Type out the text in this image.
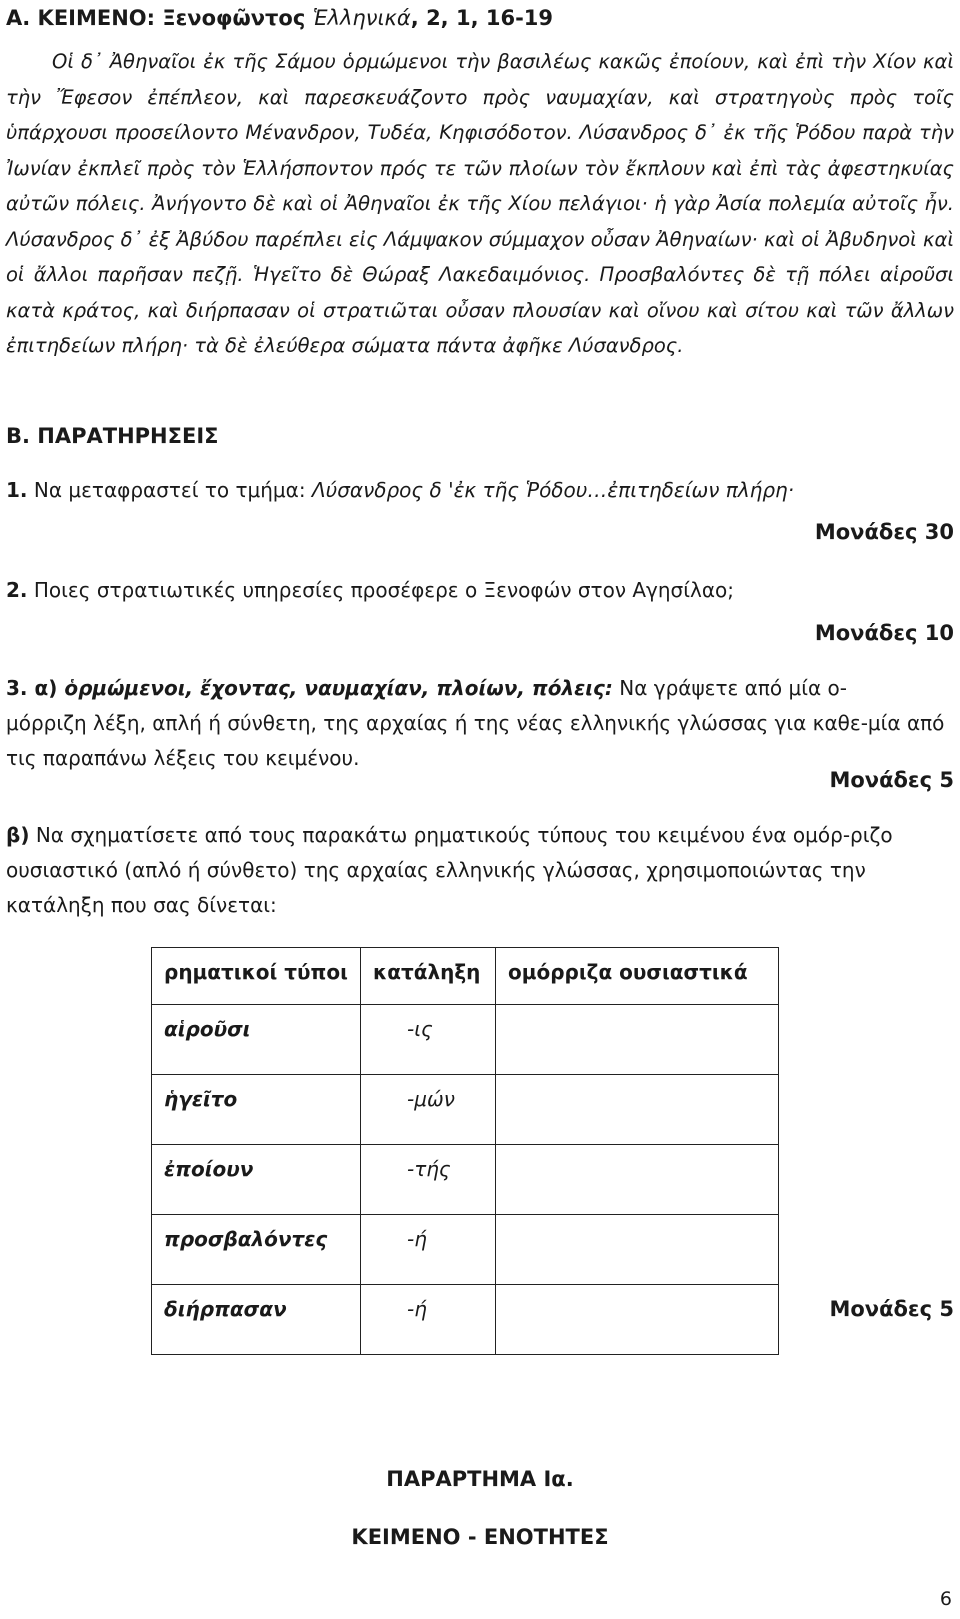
Α. ΚΕΙΜΕΝΟ: Ξενοφῶντος Ἑλληνικά, 2, 1, 16-19

Οἱ δ᾽ Ἀθηναῖοι ἐκ τῆς Σάμου ὁρμώμενοι τὴν βασιλέως κακῶς ἐποίουν, καὶ ἐπὶ τὴν Χίον καὶ τὴν Ἔφεσον ἐπέπλεον, καὶ παρεσκευάζοντο πρὸς ναυμαχίαν, καὶ στρατηγοὺς πρὸς τοῖς ὑπάρχουσι προσείλοντο Μένανδρον, Τυδέα, Κηφισόδοτον. Λύσανδρος δ᾽ ἐκ τῆς Ῥόδου παρὰ τὴν Ἰωνίαν ἐκπλεῖ πρὸς τὸν Ἑλλήσποντον πρός τε τῶν πλοίων τὸν ἔκπλουν καὶ ἐπὶ τὰς ἀφεστηκυίας αὐτῶν πόλεις. Ἀνήγοντο δὲ καὶ οἱ Ἀθηναῖοι ἐκ τῆς Χίου πελάγιοι· ἡ γὰρ Ἀσία πολεμία αὐτοῖς ἦν. Λύσανδρος δ᾽ ἐξ Ἀβύδου παρέπλει εἰς Λάμψακον σύμμαχον οὖσαν Ἀθηναίων· καὶ οἱ Ἀβυδηνοὶ καὶ οἱ ἄλλοι παρῆσαν πεζῇ. Ἡγεῖτο δὲ Θώραξ Λακεδαιμόνιος. Προσβαλόντες δὲ τῇ πόλει αἱροῦσι κατὰ κράτος, καὶ διήρπασαν οἱ στρατιῶται οὖσαν πλουσίαν καὶ οἴνου καὶ σίτου καὶ τῶν ἄλλων ἐπιτηδείων πλήρη· τὰ δὲ ἐλεύθερα σώματα πάντα ἀφῆκε Λύσανδρος.

Β. ΠΑΡΑΤΗΡΗΣΕΙΣ
1. Να μεταφραστεί το τμήμα: Λύσανδρος δ 'ἐκ τῆς Ῥόδου…ἐπιτηδείων πλήρη·
Μονάδες 30
2. Ποιες στρατιωτικές υπηρεσίες προσέφερε ο Ξενοφών στον Αγησίλαο;
Μονάδες 10

3. α) ὁρμώμενοι, ἔχοντας, ναυμαχίαν, πλοίων, πόλεις: Να γράψετε από μία ο-
μόρριζη λέξη, απλή ή σύνθετη, της αρχαίας ή της νέας ελληνικής γλώσσας για καθε-μία από τις παραπάνω λέξεις του κειμένου.

Μονάδες 5

β) Να σχηματίσετε από τους παρακάτω ρηματικούς τύπους του κειμένου ένα ομόρ-ριζο ουσιαστικό (απλό ή σύνθετο) της αρχαίας ελληνικής γλώσσας, χρησιμοποιώντας την κατάληξη που σας δίνεται:

ρηματικοί τύποι	κατάληξη	ομόρριζα ουσιαστικά
αἱροῦσι	-ις	
ἡγεῖτο	-μών	
ἐποίουν	-τής	
προσβαλόντες	-ή	
διήρπασαν	-ή		Μονάδες 5
ΠΑΡΑΡΤΗΜΑ Ια.
ΚΕΙΜΕΝΟ - ΕΝΟΤΗΤΕΣ
6
